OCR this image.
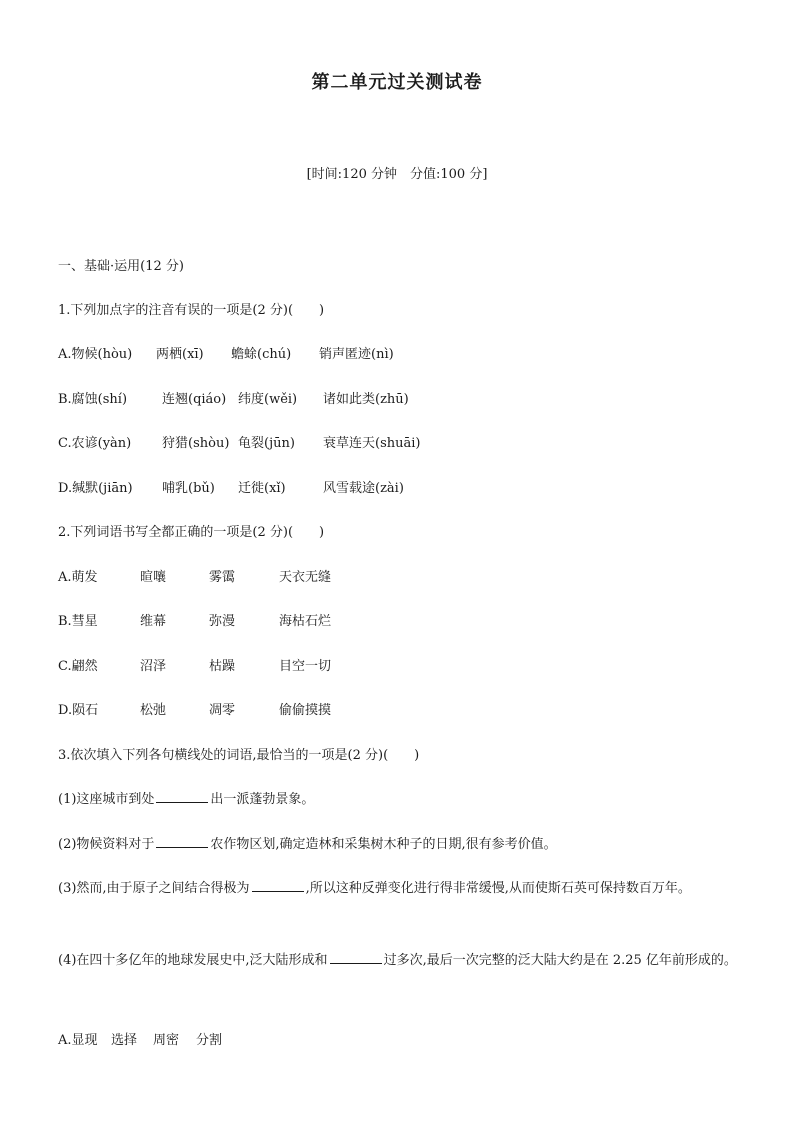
第二单元过关测试卷
[时间:120 分钟　分值:100 分]
一、基础·运用(12 分)
1.下列加点字的注音有误的一项是(2 分)(　　)
A.物候(hòu) 两栖(xī) 蟾蜍(chú) 销声匿迹(nì)
B.腐蚀(shí)	连翘(qiáo) 纬度(wěi) 诸如此类(zhū)
C.农谚(yàn) 狩猎(shòu) 龟裂(jūn) 衰草连天(shuāi)
D.缄默(jiān) 哺乳(bǔ) 迁徙(xǐ)	风雪载途(zài)
2.下列词语书写全都正确的一项是(2 分)(　　)
A.萌发	暄嚷	雾霭	天衣无缝
B.彗星	维幕	弥漫	海枯石烂
C.翩然	沼泽	枯躁	目空一切
D.陨石	松弛	凋零	偷偷摸摸
3.依次填入下列各句横线处的词语,最恰当的一项是(2 分)(　　)
(1)这座城市到处	出一派蓬勃景象。
(2)物候资料对于	农作物区划,确定造林和采集树木种子的日期,很有参考价值。
(3)然而,由于原子之间结合得极为	,所以这种反弹变化进行得非常缓慢,从而使斯石英可保持数百万年。
(4)在四十多亿年的地球发展史中,泛大陆形成和	过多次,最后一次完整的泛大陆大约是在 2.25 亿年前形成的。
A.显现 选择 周密 分割
